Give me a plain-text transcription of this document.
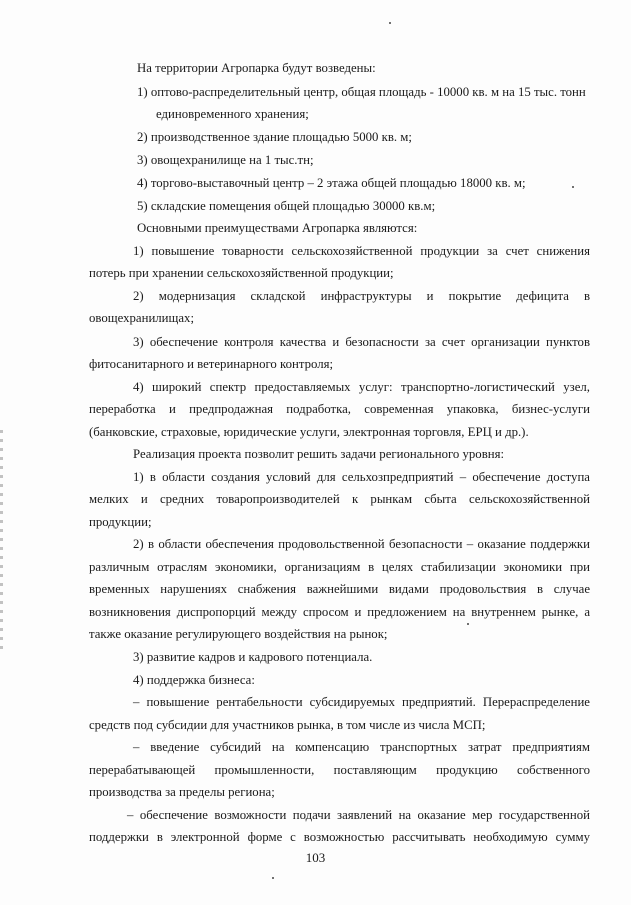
На территории Агропарка будут возведены:
1) оптово-распределительный центр, общая площадь - 10000 кв. м на 15 тыс. тонн
единовременного хранения;
2) производственное здание площадью 5000 кв. м;
3) овощехранилище на 1 тыс.тн;
4) торгово-выставочный центр – 2 этажа общей площадью 18000 кв. м;
5) складские помещения общей площадью 30000 кв.м;
Основными преимуществами Агропарка являются:
1) повышение товарности сельскохозяйственной продукции за счет снижения
потерь при хранении сельскохозяйственной продукции;
2) модернизация складской инфраструктуры и покрытие дефицита в
овощехранилищах;
3) обеспечение контроля качества и безопасности за счет организации пунктов
фитосанитарного и ветеринарного контроля;
4) широкий спектр предоставляемых услуг: транспортно-логистический узел,
переработка и предпродажная подработка, современная упаковка, бизнес-услуги
(банковские, страховые, юридические услуги, электронная торговля, ЕРЦ и др.).
Реализация проекта позволит решить задачи регионального уровня:
1) в области создания условий для сельхозпредприятий – обеспечение доступа
мелких и средних товаропроизводителей к рынкам сбыта сельскохозяйственной
продукции;
2) в области обеспечения продовольственной безопасности – оказание поддержки
различным отраслям экономики, организациям в целях стабилизации экономики при
временных нарушениях снабжения важнейшими видами продовольствия в случае
возникновения диспропорций между спросом и предложением на внутреннем рынке, а
также оказание регулирующего воздействия на рынок;
3) развитие кадров и кадрового потенциала.
4) поддержка бизнеса:
– повышение рентабельности субсидируемых предприятий. Перераспределение
средств под субсидии для участников рынка, в том числе из числа МСП;
– введение субсидий на компенсацию транспортных затрат предприятиям
перерабатывающей промышленности, поставляющим продукцию собственного
производства за пределы региона;
– обеспечение возможности подачи заявлений на оказание мер государственной
поддержки в электронной форме с возможностью рассчитывать необходимую сумму
103
